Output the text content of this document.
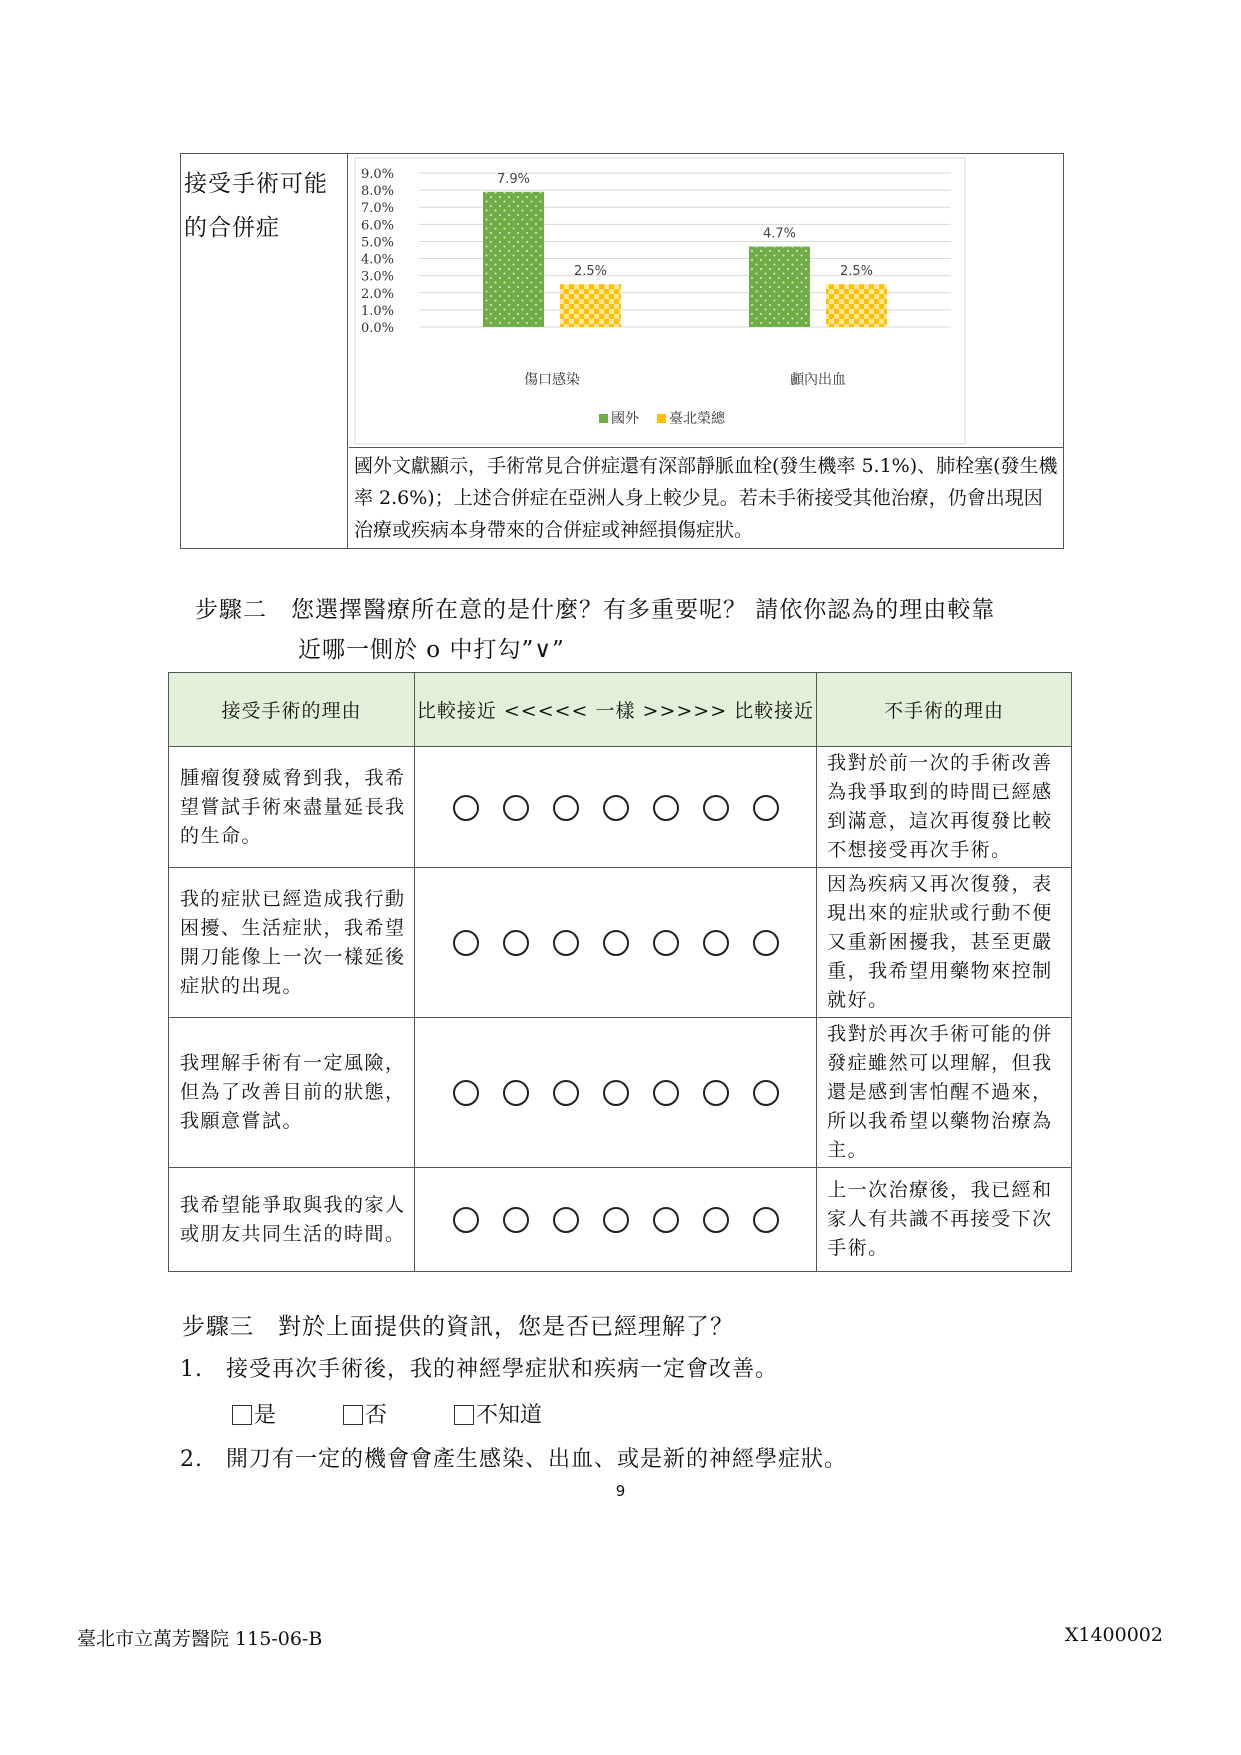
接受手術可能的合併症
9.0%
8.0%
7.0%
6.0%
5.0%
4.0%
3.0%
2.0%
1.0%
0.0%
7.9%
2.5%
4.7%
2.5%
傷口感染	顱內出血
國外 臺北榮總
國外文獻顯示，手術常見合併症還有深部靜脈血栓(發生機率 5.1%)、肺栓塞(發生機率 2.6%)；上述合併症在亞洲人身上較少見。若未手術接受其他治療，仍會出現因治療或疾病本身帶來的合併症或神經損傷症狀。
步驟二　您選擇醫療所在意的是什麼？有多重要呢？ 請依你認為的理由較靠
近哪一側於 o 中打勾”∨”
接受手術的理由	比較接近 <<<<< 一樣 >>>>> 比較接近	不手術的理由
腫瘤復發威脅到我，我希望嘗試手術來盡量延長我的生命。		我對於前一次的手術改善為我爭取到的時間已經感到滿意，這次再復發比較不想接受再次手術。
我的症狀已經造成我行動困擾、生活症狀，我希望開刀能像上一次一樣延後症狀的出現。		因為疾病又再次復發，表現出來的症狀或行動不便又重新困擾我，甚至更嚴重，我希望用藥物來控制就好。
我理解手術有一定風險，但為了改善目前的狀態，我願意嘗試。		我對於再次手術可能的併發症雖然可以理解，但我還是感到害怕醒不過來，所以我希望以藥物治療為主。
我希望能爭取與我的家人或朋友共同生活的時間。		上一次治療後，我已經和家人有共識不再接受下次手術。
步驟三　對於上面提供的資訊，您是否已經理解了？
1.　接受再次手術後，我的神經學症狀和疾病一定會改善。
是	否	不知道
2.　開刀有一定的機會會產生感染、出血、或是新的神經學症狀。
9
臺北市立萬芳醫院 115-06-B	X1400002
